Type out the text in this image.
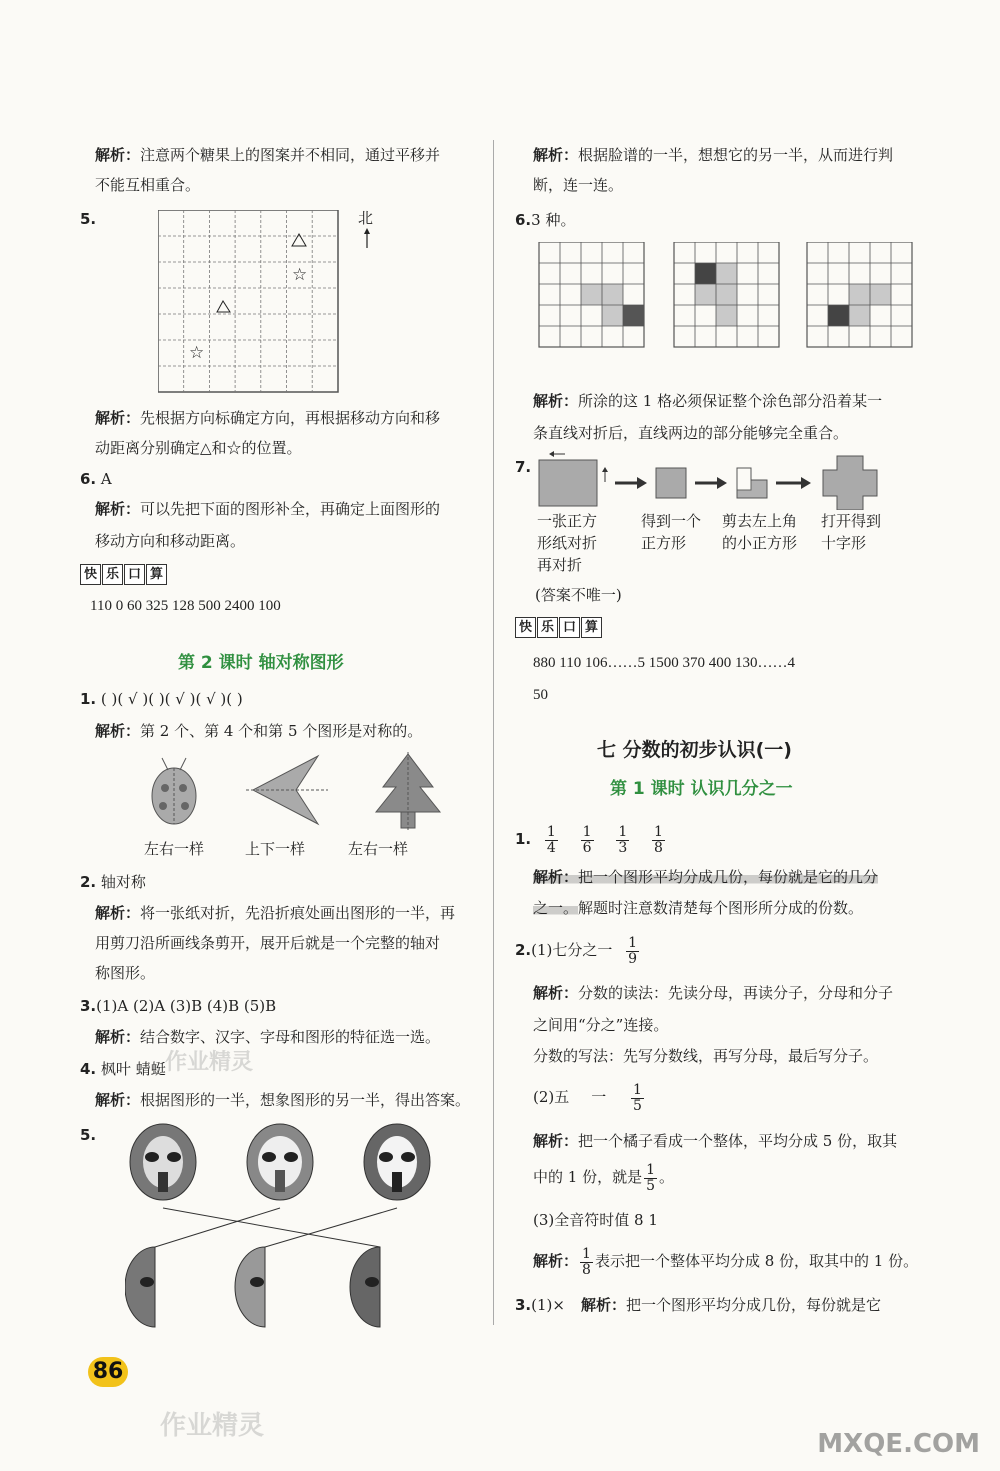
解析：注意两个糖果上的图案并不相同，通过平移并
不能互相重合。
5.
☆
☆
北
解析：先根据方向标确定方向，再根据移动方向和移
动距离分别确定△和☆的位置。
6. A
解析：可以先把下面的图形补全，再确定上面图形的
移动方向和移动距离。
快 乐 口 算
110 0 60 325 128 500 2400 100
第 2 课时 轴对称图形
1. ( )( √ )( )( √ )( √ )( )
解析：第 2 个、第 4 个和第 5 个图形是对称的。
左右一样	上下一样	左右一样
2. 轴对称
解析：将一张纸对折，先沿折痕处画出图形的一半，再
用剪刀沿所画线条剪开，展开后就是一个完整的轴对
称图形。
3.(1)A (2)A (3)B (4)B (5)B
解析：结合数字、汉字、字母和图形的特征选一选。
4. 枫叶 蜻蜓
解析：根据图形的一半，想象图形的另一半，得出答案。
5.
86
解析：根据脸谱的一半，想想它的另一半，从而进行判
断，连一连。
6.3 种。
解析：所涂的这 1 格必须保证整个涂色部分沿着某一
条直线对折后，直线两边的部分能够完全重合。
7.
一张正方
形纸对折
再对折
得到一个
正方形
剪去左上角
的小正方形
打开得到
十字形
(答案不唯一)
快 乐 口 算
880 110 106……5 1500 370 400 130……4
50
七 分数的初步认识(一)
第 1 课时 认识几分之一
1. $\frac{1}{4}$
$\frac{1}{6}$
$\frac{1}{3}$
$\frac{1}{8}$
解析：把一个图形平均分成几份，每份就是它的几分
之一。解题时注意数清楚每个图形所分成的份数。
2.(1)七分之一 $\frac{1}{9}$
解析：分数的读法：先读分母，再读分子，分母和分子
之间用“分之”连接。
分数的写法：先写分数线，再写分母，最后写分子。
(2)五 一 $\frac{1}{5}$
解析：把一个橘子看成一个整体，平均分成 5 份，取其
中的 1 份，就是 $\frac{1}{5}$ 。
(3)全音符时值 8 1
解析： $\frac{1}{8}$ 表示把一个整体平均分成 8 份，取其中的 1 份。
3.(1)× 解析：把一个图形平均分成几份，每份就是它
作业精灵
作业精灵
MXQE.COM
